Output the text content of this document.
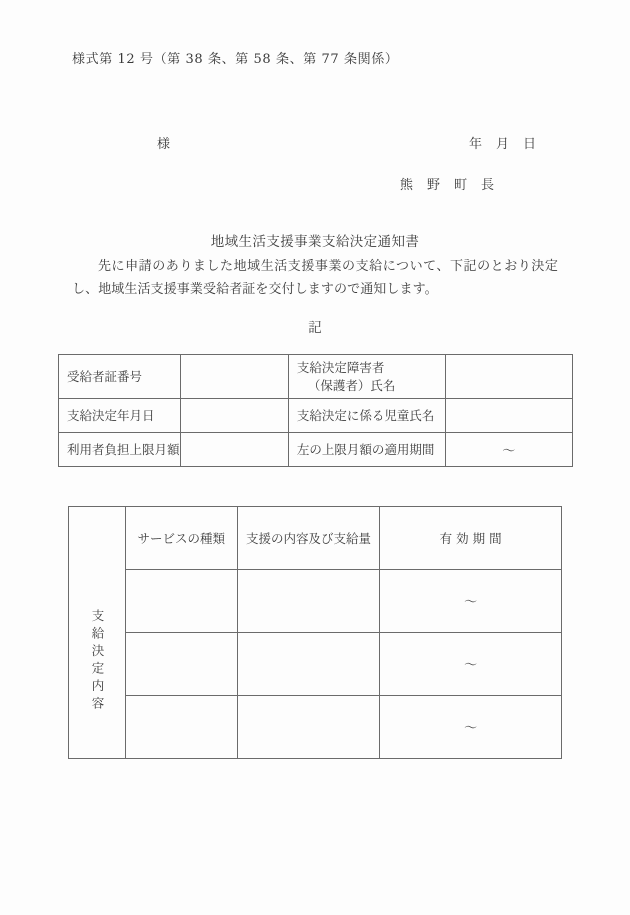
様式第 12 号（第 38 条、第 58 条、第 77 条関係）
様	年　月　日
熊　野　町　長
地域生活支援事業支給決定通知書
先に申請のありました地域生活支援事業の支給について、下記のとおり決定し、地域生活支援事業受給者証を交付しますので通知します。
記
受給者証番号		支給決定障害者
（保護者）氏名	

支給決定年月日		支給決定に係る児童氏名	
利用者負担上限月額		左の上限月額の適用期間	〜
	サービスの種類	支援の内容及び支給量	有効期間
支給決定内容			〜
			〜
			〜
